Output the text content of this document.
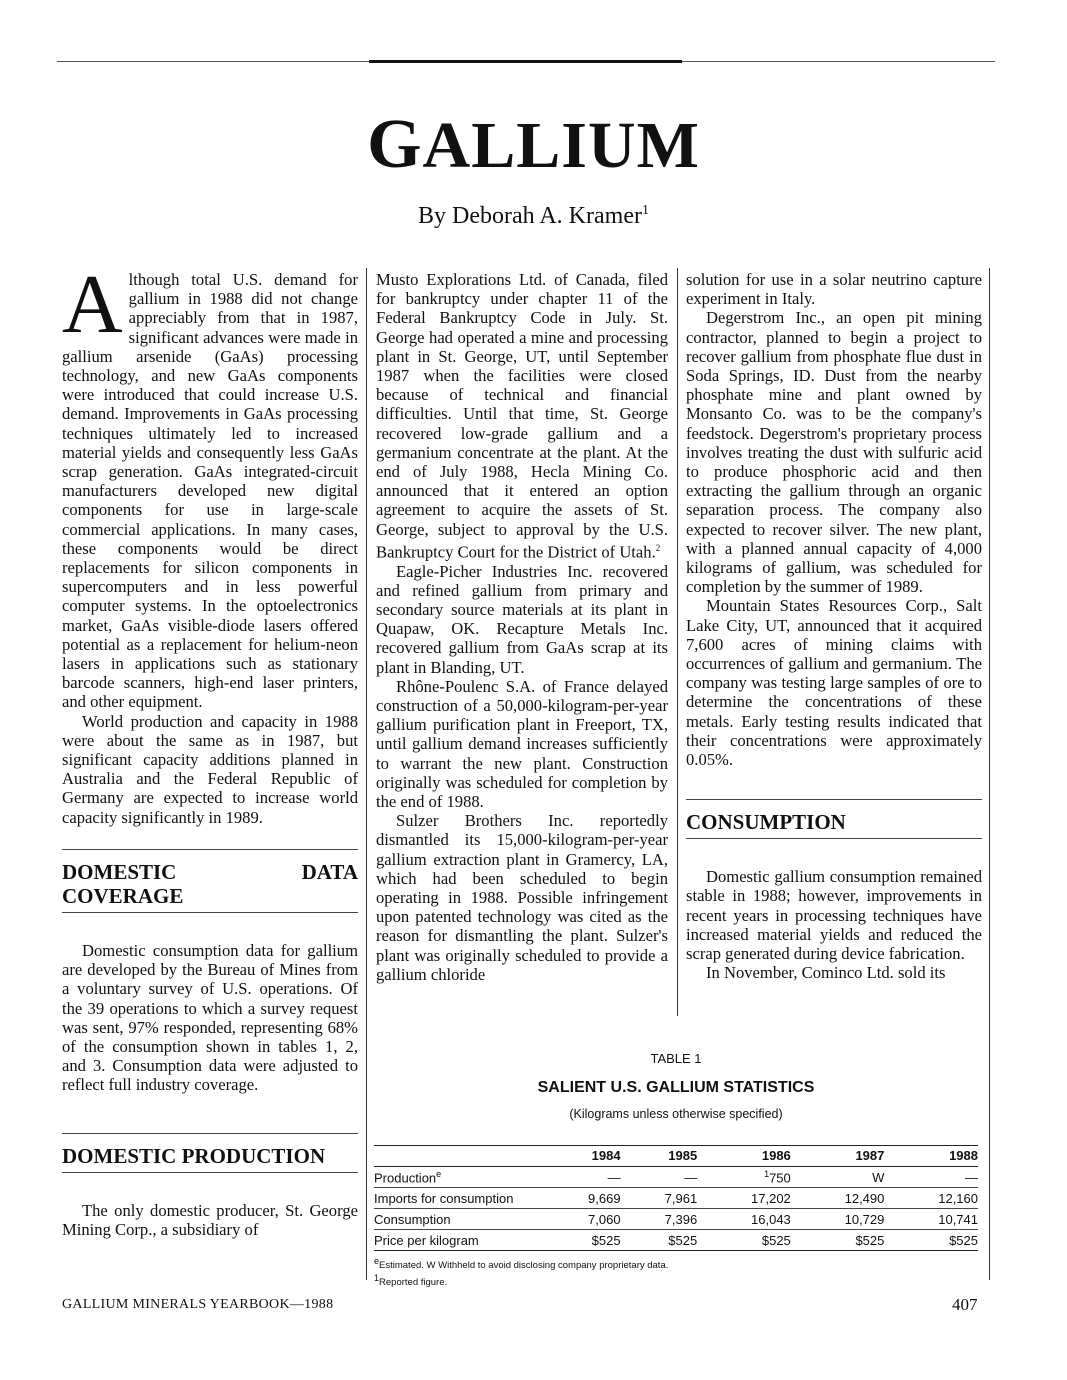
GALLIUM
By Deborah A. Kramer$^1$

Although total U.S. demand for gallium in 1988 did not change appreciably from that in 1987, significant advances were made in gallium arsenide (GaAs) processing technology, and new GaAs components were introduced that could increase U.S. demand. Improvements in GaAs processing techniques ultimately led to increased material yields and consequently less GaAs scrap generation. GaAs integrated-circuit manufacturers developed new digital components for use in large-scale commercial applications. In many cases, these components would be direct replacements for silicon components in supercomputers and in less powerful computer systems. In the optoelectronics market, GaAs visible-diode lasers offered potential as a replacement for helium-neon lasers in applications such as stationary barcode scanners, high-end laser printers, and other equipment.

World production and capacity in 1988 were about the same as in 1987, but significant capacity additions planned in Australia and the Federal Republic of Germany are expected to increase world capacity significantly in 1989.

DOMESTIC DATA COVERAGE

Domestic consumption data for gallium are developed by the Bureau of Mines from a voluntary survey of U.S. operations. Of the 39 operations to which a survey request was sent, 97% responded, representing 68% of the consumption shown in tables 1, 2, and 3. Consumption data were adjusted to reflect full industry coverage.

DOMESTIC PRODUCTION

The only domestic producer, St. George Mining Corp., a subsidiary of

Musto Explorations Ltd. of Canada, filed for bankruptcy under chapter 11 of the Federal Bankruptcy Code in July. St. George had operated a mine and processing plant in St. George, UT, until September 1987 when the facilities were closed because of technical and financial difficulties. Until that time, St. George recovered low-grade gallium and a germanium concentrate at the plant. At the end of July 1988, Hecla Mining Co. announced that it entered an option agreement to acquire the assets of St. George, subject to approval by the U.S. Bankruptcy Court for the District of Utah.$^2$

Eagle-Picher Industries Inc. recovered and refined gallium from primary and secondary source materials at its plant in Quapaw, OK. Recapture Metals Inc. recovered gallium from GaAs scrap at its plant in Blanding, UT.

Rhône-Poulenc S.A. of France delayed construction of a 50,000-kilogram-per-year gallium purification plant in Freeport, TX, until gallium demand increases sufficiently to warrant the new plant. Construction originally was scheduled for completion by the end of 1988.

Sulzer Brothers Inc. reportedly dismantled its 15,000-kilogram-per-year gallium extraction plant in Gramercy, LA, which had been scheduled to begin operating in 1988. Possible infringement upon patented technology was cited as the reason for dismantling the plant. Sulzer's plant was originally scheduled to provide a gallium chloride

solution for use in a solar neutrino capture experiment in Italy.

Degerstrom Inc., an open pit mining contractor, planned to begin a project to recover gallium from phosphate flue dust in Soda Springs, ID. Dust from the nearby phosphate mine and plant owned by Monsanto Co. was to be the company's feedstock. Degerstrom's proprietary process involves treating the dust with sulfuric acid to produce phosphoric acid and then extracting the gallium through an organic separation process. The company also expected to recover silver. The new plant, with a planned annual capacity of 4,000 kilograms of gallium, was scheduled for completion by the summer of 1989.

Mountain States Resources Corp., Salt Lake City, UT, announced that it acquired 7,600 acres of mining claims with occurrences of gallium and germanium. The company was testing large samples of ore to determine the concentrations of these metals. Early testing results indicated that their concentrations were approximately 0.05%.

CONSUMPTION

Domestic gallium consumption remained stable in 1988; however, improvements in recent years in processing techniques have increased material yields and reduced the scrap generated during device fabrication.

In November, Cominco Ltd. sold its

TABLE 1
SALIENT U.S. GALLIUM STATISTICS
(Kilograms unless otherwise specified)
	1984	1985	1986	1987	1988
Production$^e$	—	—	$^1$750	W	—
Imports for consumption	9,669	7,961	17,202	12,490	12,160
Consumption	7,060	7,396	16,043	10,729	10,741
Price per kilogram	$525	$525	$525	$525	$525
$^e$Estimated. W Withheld to avoid disclosing company proprietary data.
$^1$Reported figure.
GALLIUM MINERALS YEARBOOK—1988	407
